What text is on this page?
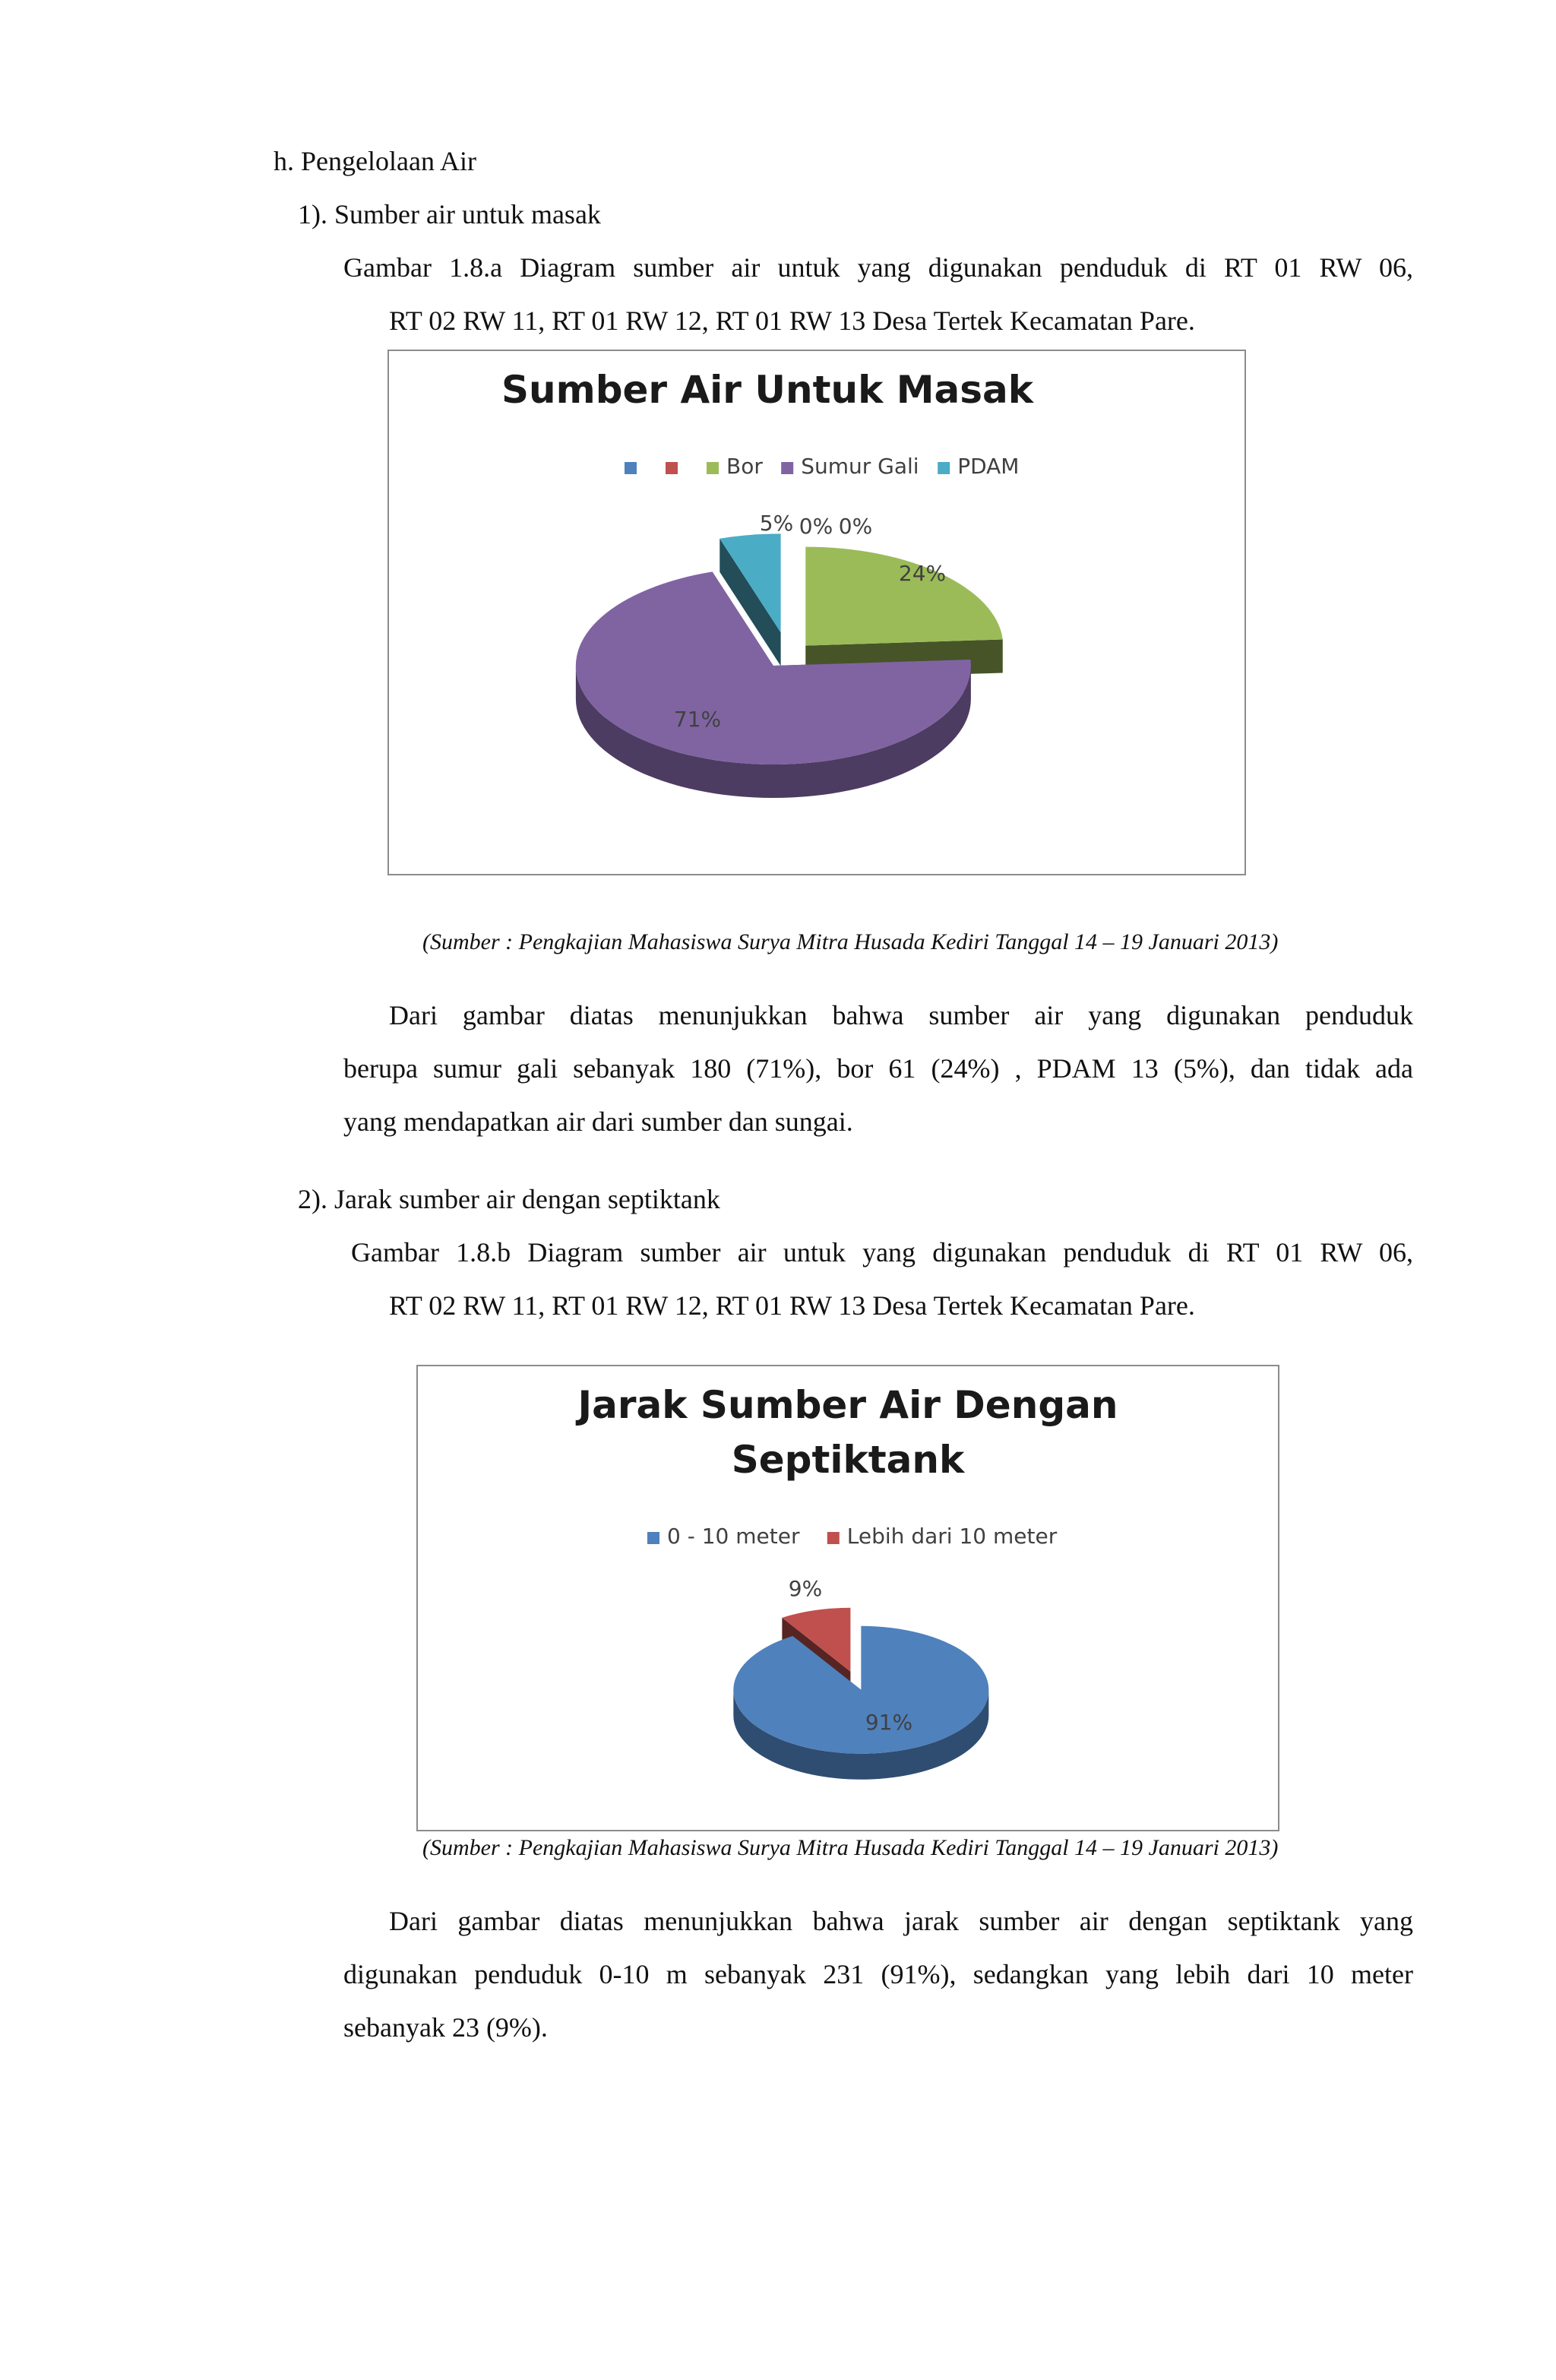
h. Pengelolaan Air
1). Sumber air untuk masak
Gambar 1.8.a Diagram sumber air untuk yang digunakan penduduk di RT 01 RW 06,
RT 02 RW 11, RT 01 RW 12, RT 01 RW 13 Desa Tertek Kecamatan Pare.
Sumber Air Untuk Masak
Bor Sumur Gali PDAM
0% 0%
24%
71%
5%
(Sumber : Pengkajian Mahasiswa Surya Mitra Husada Kediri Tanggal 14 – 19 Januari 2013)
Dari gambar diatas menunjukkan bahwa sumber air yang digunakan penduduk
berupa sumur gali sebanyak 180 (71%), bor 61 (24%) , PDAM 13 (5%), dan tidak ada
yang mendapatkan air dari sumber dan sungai.
2). Jarak sumber air dengan septiktank
Gambar 1.8.b Diagram sumber air untuk yang digunakan penduduk di RT 01 RW 06,
RT 02 RW 11, RT 01 RW 12, RT 01 RW 13 Desa Tertek Kecamatan Pare.
Jarak Sumber Air Dengan
Septiktank
0 - 10 meter Lebih dari 10 meter
91%
9%
(Sumber : Pengkajian Mahasiswa Surya Mitra Husada Kediri Tanggal 14 – 19 Januari 2013)
Dari gambar diatas menunjukkan bahwa jarak sumber air dengan septiktank yang
digunakan penduduk 0-10 m sebanyak 231 (91%), sedangkan yang lebih dari 10 meter
sebanyak 23 (9%).
